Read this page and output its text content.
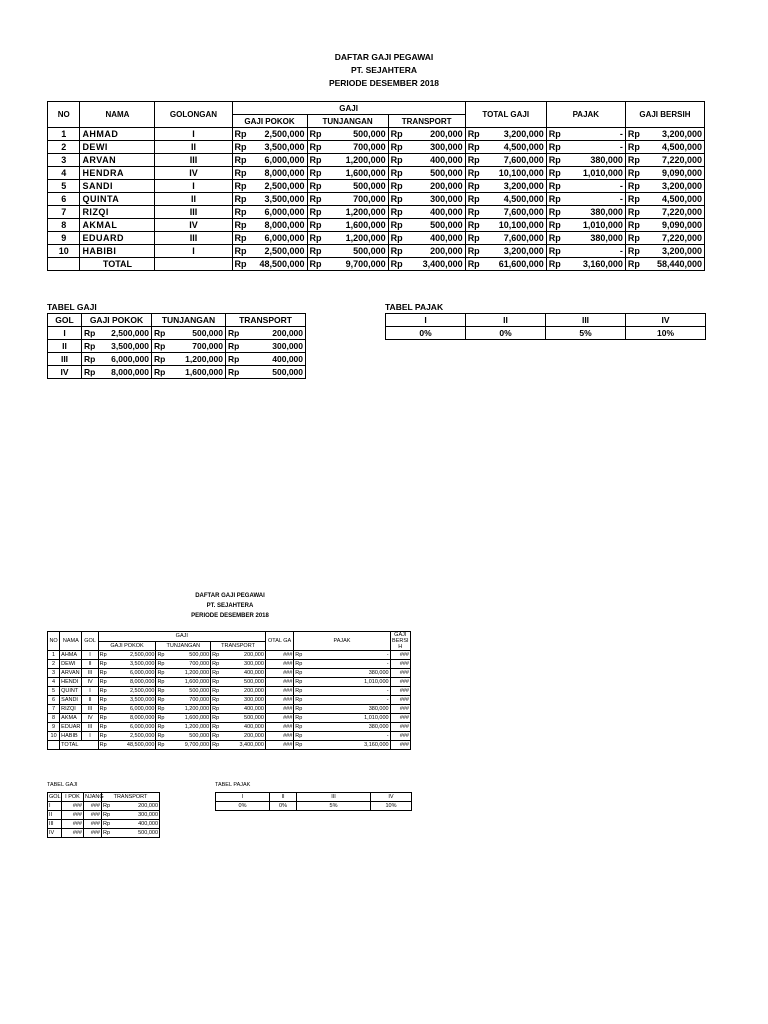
DAFTAR GAJI PEGAWAI
PT. SEJAHTERA
PERIODE DESEMBER 2018
NO	NAMA	GOLONGAN	GAJI						TOTAL GAJI		PAJAK		GAJI BERSIH	
			GAJI POKOK		TUNJANGAN		TRANSPORT							
1	AHMAD	I	Rp	2,500,000	Rp	500,000	Rp	200,000	Rp	3,200,000	Rp	-	Rp	3,200,000
2	DEWI	II	Rp	3,500,000	Rp	700,000	Rp	300,000	Rp	4,500,000	Rp	-	Rp	4,500,000
3	ARVAN	III	Rp	6,000,000	Rp	1,200,000	Rp	400,000	Rp	7,600,000	Rp	380,000	Rp	7,220,000
4	HENDRA	IV	Rp	8,000,000	Rp	1,600,000	Rp	500,000	Rp	10,100,000	Rp	1,010,000	Rp	9,090,000
5	SANDI	I	Rp	2,500,000	Rp	500,000	Rp	200,000	Rp	3,200,000	Rp	-	Rp	3,200,000
6	QUINTA	II	Rp	3,500,000	Rp	700,000	Rp	300,000	Rp	4,500,000	Rp	-	Rp	4,500,000
7	RIZQI	III	Rp	6,000,000	Rp	1,200,000	Rp	400,000	Rp	7,600,000	Rp	380,000	Rp	7,220,000
8	AKMAL	IV	Rp	8,000,000	Rp	1,600,000	Rp	500,000	Rp	10,100,000	Rp	1,010,000	Rp	9,090,000
9	EDUARD	III	Rp	6,000,000	Rp	1,200,000	Rp	400,000	Rp	7,600,000	Rp	380,000	Rp	7,220,000
10	HABIBI	I	Rp	2,500,000	Rp	500,000	Rp	200,000	Rp	3,200,000	Rp	-	Rp	3,200,000
	TOTAL		Rp	48,500,000	Rp	9,700,000	Rp	3,400,000	Rp	61,600,000	Rp	3,160,000	Rp	58,440,000
TABEL GAJI
GOL	GAJI POKOK		TUNJANGAN		TRANSPORT	
I	Rp	2,500,000	Rp	500,000	Rp	200,000
II	Rp	3,500,000	Rp	700,000	Rp	300,000
III	Rp	6,000,000	Rp	1,200,000	Rp	400,000
IV	Rp	8,000,000	Rp	1,600,000	Rp	500,000
TABEL PAJAK
I	II	III	IV
0%	0%	5%	10%
DAFTAR GAJI PEGAWAI
PT. SEJAHTERA
PERIODE DESEMBER 2018
NO	NAMA	GOL	GAJI						OTAL GA	PAJAK		GAJI BERSI H
			GAJI POKOK		TUNJANGAN		TRANSPORT					
1	AHMA	I	Rp	2,500,000	Rp	500,000	Rp	200,000	###	Rp	-	###
2	DEWI	II	Rp	3,500,000	Rp	700,000	Rp	300,000	###	Rp	-	###
3	ARVAN	III	Rp	6,000,000	Rp	1,200,000	Rp	400,000	###	Rp	380,000	###
4	HENDI	IV	Rp	8,000,000	Rp	1,600,000	Rp	500,000	###	Rp	1,010,000	###
5	QUINT	I	Rp	2,500,000	Rp	500,000	Rp	200,000	###	Rp	-	###
6	SANDI	II	Rp	3,500,000	Rp	700,000	Rp	300,000	###	Rp	-	###
7	RIZQI	III	Rp	6,000,000	Rp	1,200,000	Rp	400,000	###	Rp	380,000	###
8	AKMA	IV	Rp	8,000,000	Rp	1,600,000	Rp	500,000	###	Rp	1,010,000	###
9	EDUAR	III	Rp	6,000,000	Rp	1,200,000	Rp	400,000	###	Rp	380,000	###
10	HABIB	I	Rp	2,500,000	Rp	500,000	Rp	200,000	###	Rp	-	###
	TOTAL		Rp	48,500,000	Rp	9,700,000	Rp	3,400,000	###	Rp	3,160,000	###
TABEL GAJI
GOL	I POK	NJANG	TRANSPORT	
I	###	###	Rp	200,000
II	###	###	Rp	300,000
III	###	###	Rp	400,000
IV	###	###	Rp	500,000
TABEL PAJAK
I	II	III	IV
0%	0%	5%	10%
